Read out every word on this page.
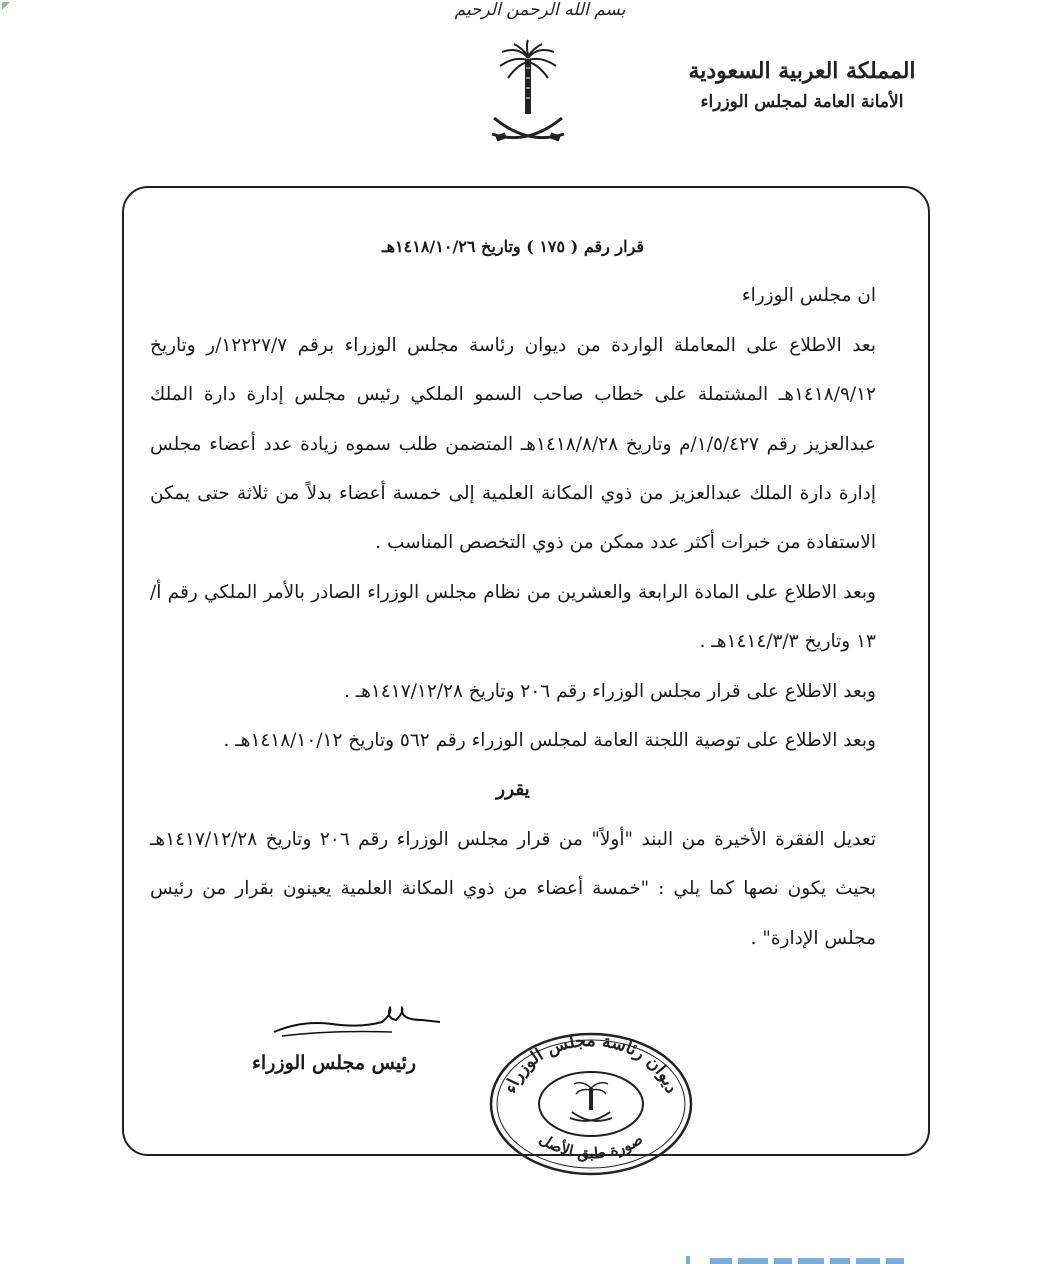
بسم الله الرحمن الرحيم
المملكة العربية السعودية
الأمانة العامة لمجلس الوزراء

قرار رقم ( ١٧٥ ) وتاريخ ١٤١٨/١٠/٢٦هـ

ان مجلس الوزراء

بعد الاطلاع على المعاملة الواردة من ديوان رئاسة مجلس الوزراء برقم ١٢٢٢٧/٧/ر وتاريخ ١٤١٨/٩/١٢هـ المشتملة على خطاب صاحب السمو الملكي رئيس مجلس إدارة دارة الملك عبدالعزيز رقم ١/٥/٤٢٧/م وتاريخ ١٤١٨/٨/٢٨هـ المتضمن طلب سموه زيادة عدد أعضاء مجلس إدارة دارة الملك عبدالعزيز من ذوي المكانة العلمية إلى خمسة أعضاء بدلاً من ثلاثة حتى يمكن الاستفادة من خبرات أكثر عدد ممكن من ذوي التخصص المناسب .

وبعد الاطلاع على المادة الرابعة والعشرين من نظام مجلس الوزراء الصادر بالأمر الملكي رقم أ/١٣ وتاريخ ١٤١٤/٣/٣هـ .

وبعد الاطلاع على قرار مجلس الوزراء رقم ٢٠٦ وتاريخ ١٤١٧/١٢/٢٨هـ .

وبعد الاطلاع على توصية اللجنة العامة لمجلس الوزراء رقم ٥٦٢ وتاريخ ١٤١٨/١٠/١٢هـ .

يقرر

تعديل الفقرة الأخيرة من البند "أولاً" من قرار مجلس الوزراء رقم ٢٠٦ وتاريخ ١٤١٧/١٢/٢٨هـ بحيث يكون نصها كما يلي : "خمسة أعضاء من ذوي المكانة العلمية يعينون بقرار من رئيس مجلس الإدارة" .

رئيس مجلس الوزراء
ديوان رئاسة مجلس الوزراء
صورة طبق الأصل
